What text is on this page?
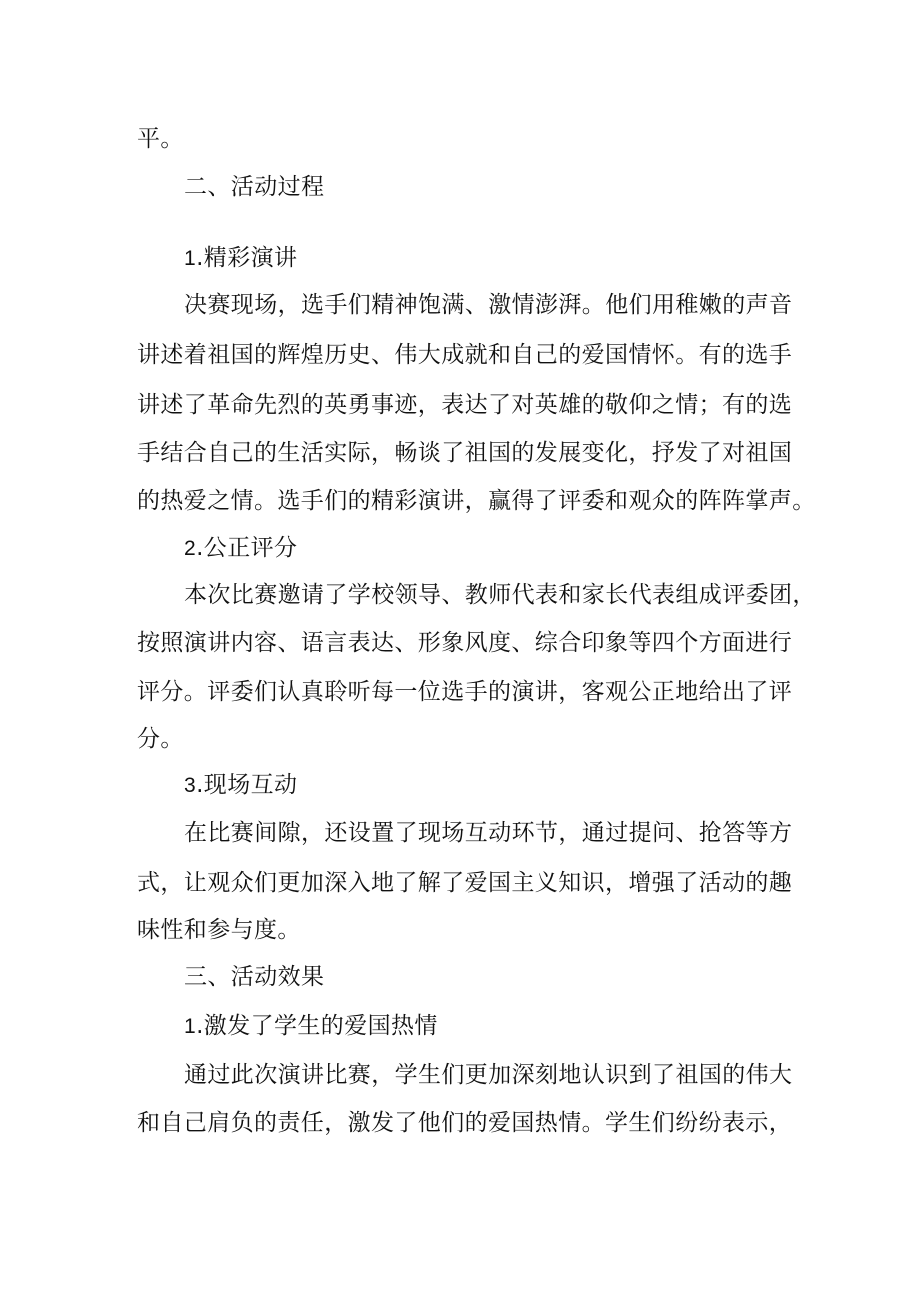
平。
二、活动过程
1.精彩演讲
决赛现场，选手们精神饱满、激情澎湃。他们用稚嫩的声音
讲述着祖国的辉煌历史、伟大成就和自己的爱国情怀。有的选手
讲述了革命先烈的英勇事迹，表达了对英雄的敬仰之情；有的选
手结合自己的生活实际，畅谈了祖国的发展变化，抒发了对祖国
的热爱之情。选手们的精彩演讲，赢得了评委和观众的阵阵掌声。
2.公正评分
本次比赛邀请了学校领导、教师代表和家长代表组成评委团，
按照演讲内容、语言表达、形象风度、综合印象等四个方面进行
评分。评委们认真聆听每一位选手的演讲，客观公正地给出了评
分。
3.现场互动
在比赛间隙，还设置了现场互动环节，通过提问、抢答等方
式，让观众们更加深入地了解了爱国主义知识，增强了活动的趣
味性和参与度。
三、活动效果
1.激发了学生的爱国热情
通过此次演讲比赛，学生们更加深刻地认识到了祖国的伟大
和自己肩负的责任，激发了他们的爱国热情。学生们纷纷表示，
